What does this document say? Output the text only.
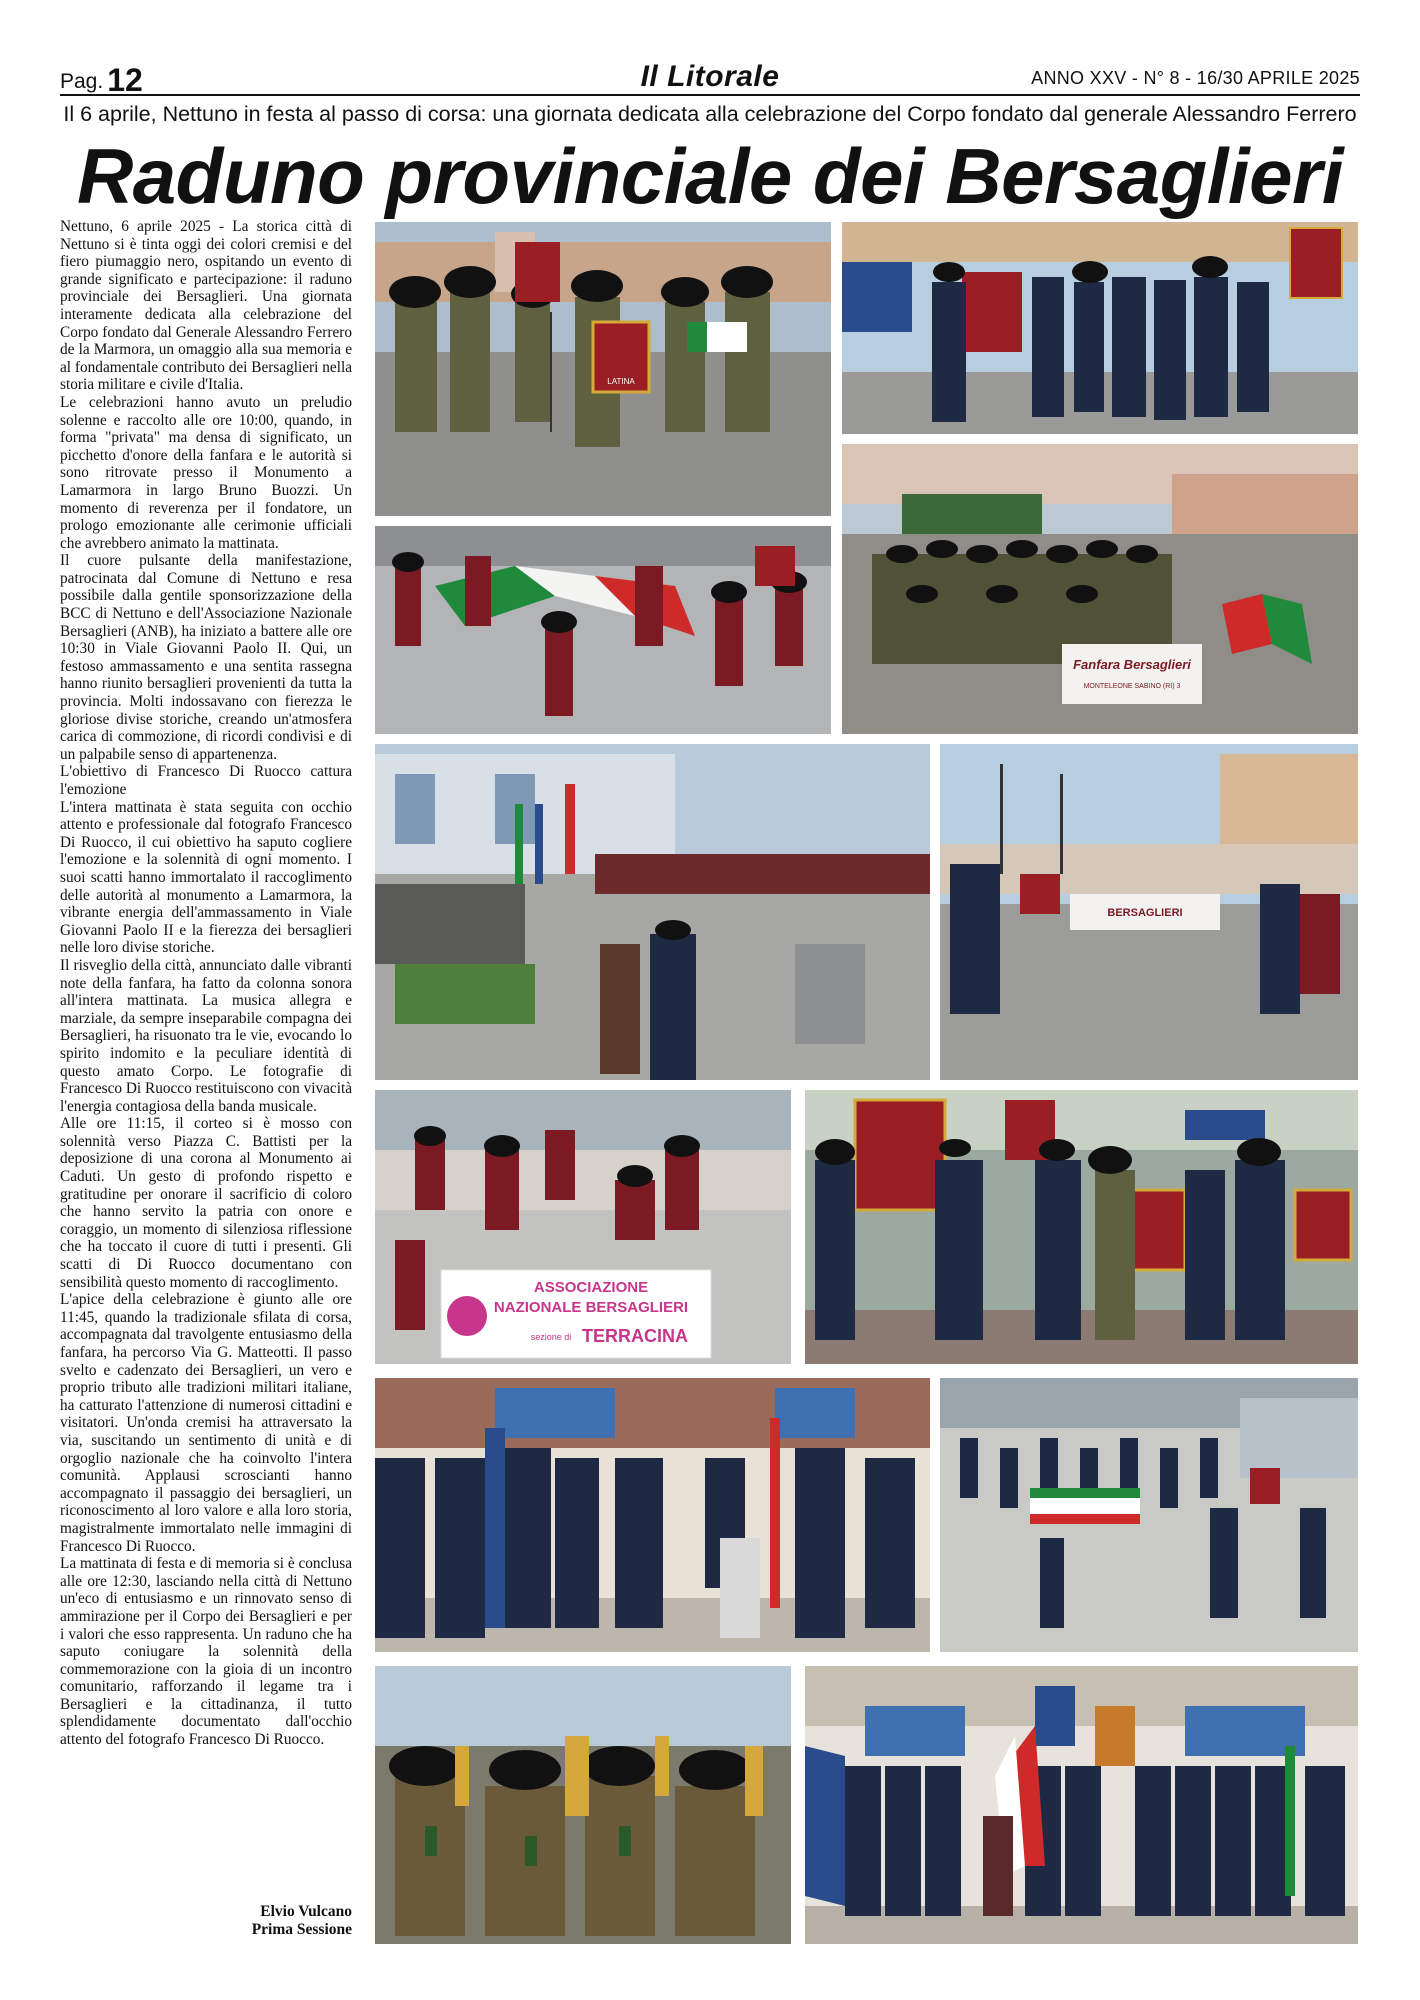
Pag. 12	Il Litorale	ANNO XXV - N° 8 - 16/30 APRILE 2025
Il 6 aprile, Nettuno in festa al passo di corsa: una giornata dedicata alla celebrazione del Corpo fondato dal generale Alessandro Ferrero
Raduno provinciale dei Bersaglieri

Nettuno, 6 aprile 2025 - La storica città di Nettuno si è tinta oggi dei colori cremisi e del fiero piumaggio nero, ospitando un evento di grande significato e partecipazione: il raduno provinciale dei Bersaglieri. Una giornata interamente dedicata alla celebrazione del Corpo fondato dal Generale Alessandro Ferrero de la Marmora, un omaggio alla sua memoria e al fondamentale contributo dei Bersaglieri nella storia militare e civile d'Italia.

Le celebrazioni hanno avuto un preludio solenne e raccolto alle ore 10:00, quando, in forma "privata" ma densa di significato, un picchetto d'onore della fanfara e le autorità si sono ritrovate presso il Monumento a Lamarmora in largo Bruno Buozzi. Un momento di reverenza per il fondatore, un prologo emozionante alle cerimonie ufficiali che avrebbero animato la mattinata.

Il cuore pulsante della manifestazione, patrocinata dal Comune di Nettuno e resa possibile dalla gentile sponsorizzazione della BCC di Nettuno e dell'Associazione Nazionale Bersaglieri (ANB), ha iniziato a battere alle ore 10:30 in Viale Giovanni Paolo II. Qui, un festoso ammassamento e una sentita rassegna hanno riunito bersaglieri provenienti da tutta la provincia. Molti indossavano con fierezza le gloriose divise storiche, creando un'atmosfera carica di commozione, di ricordi condivisi e di un palpabile senso di appartenenza.

L'obiettivo di Francesco Di Ruocco cattura l'emozione

L'intera mattinata è stata seguita con occhio attento e professionale dal fotografo Francesco Di Ruocco, il cui obiettivo ha saputo cogliere l'emozione e la solennità di ogni momento. I suoi scatti hanno immortalato il raccoglimento delle autorità al monumento a Lamarmora, la vibrante energia dell'ammassamento in Viale Giovanni Paolo II e la fierezza dei bersaglieri nelle loro divise storiche.

Il risveglio della città, annunciato dalle vibranti note della fanfara, ha fatto da colonna sonora all'intera mattinata. La musica allegra e marziale, da sempre inseparabile compagna dei Bersaglieri, ha risuonato tra le vie, evocando lo spirito indomito e la peculiare identità di questo amato Corpo. Le fotografie di Francesco Di Ruocco restituiscono con vivacità l'energia contagiosa della banda musicale.

Alle ore 11:15, il corteo si è mosso con solennità verso Piazza C. Battisti per la deposizione di una corona al Monumento ai Caduti. Un gesto di profondo rispetto e gratitudine per onorare il sacrificio di coloro che hanno servito la patria con onore e coraggio, un momento di silenziosa riflessione che ha toccato il cuore di tutti i presenti. Gli scatti di Di Ruocco documentano con sensibilità questo momento di raccoglimento.

L'apice della celebrazione è giunto alle ore 11:45, quando la tradizionale sfilata di corsa, accompagnata dal travolgente entusiasmo della fanfara, ha percorso Via G. Matteotti. Il passo svelto e cadenzato dei Bersaglieri, un vero e proprio tributo alle tradizioni militari italiane, ha catturato l'attenzione di numerosi cittadini e visitatori. Un'onda cremisi ha attraversato la via, suscitando un sentimento di unità e di orgoglio nazionale che ha coinvolto l'intera comunità. Applausi scroscianti hanno accompagnato il passaggio dei bersaglieri, un riconoscimento al loro valore e alla loro storia, magistralmente immortalato nelle immagini di Francesco Di Ruocco.

La mattinata di festa e di memoria si è conclusa alle ore 12:30, lasciando nella città di Nettuno un'eco di entusiasmo e un rinnovato senso di ammirazione per il Corpo dei Bersaglieri e per i valori che esso rappresenta. Un raduno che ha saputo coniugare la solennità della commemorazione con la gioia di un incontro comunitario, rafforzando il legame tra i Bersaglieri e la cittadinanza, il tutto splendidamente documentato dall'occhio attento del fotografo Francesco Di Ruocco.

Elvio Vulcano
Prima Sessione
LATINA
Fanfara Bersaglieri
MONTELEONE SABINO (RI) 3
BERSAGLIERI
ASSOCIAZIONE
NAZIONALE BERSAGLIERI
sezione di TERRACINA
